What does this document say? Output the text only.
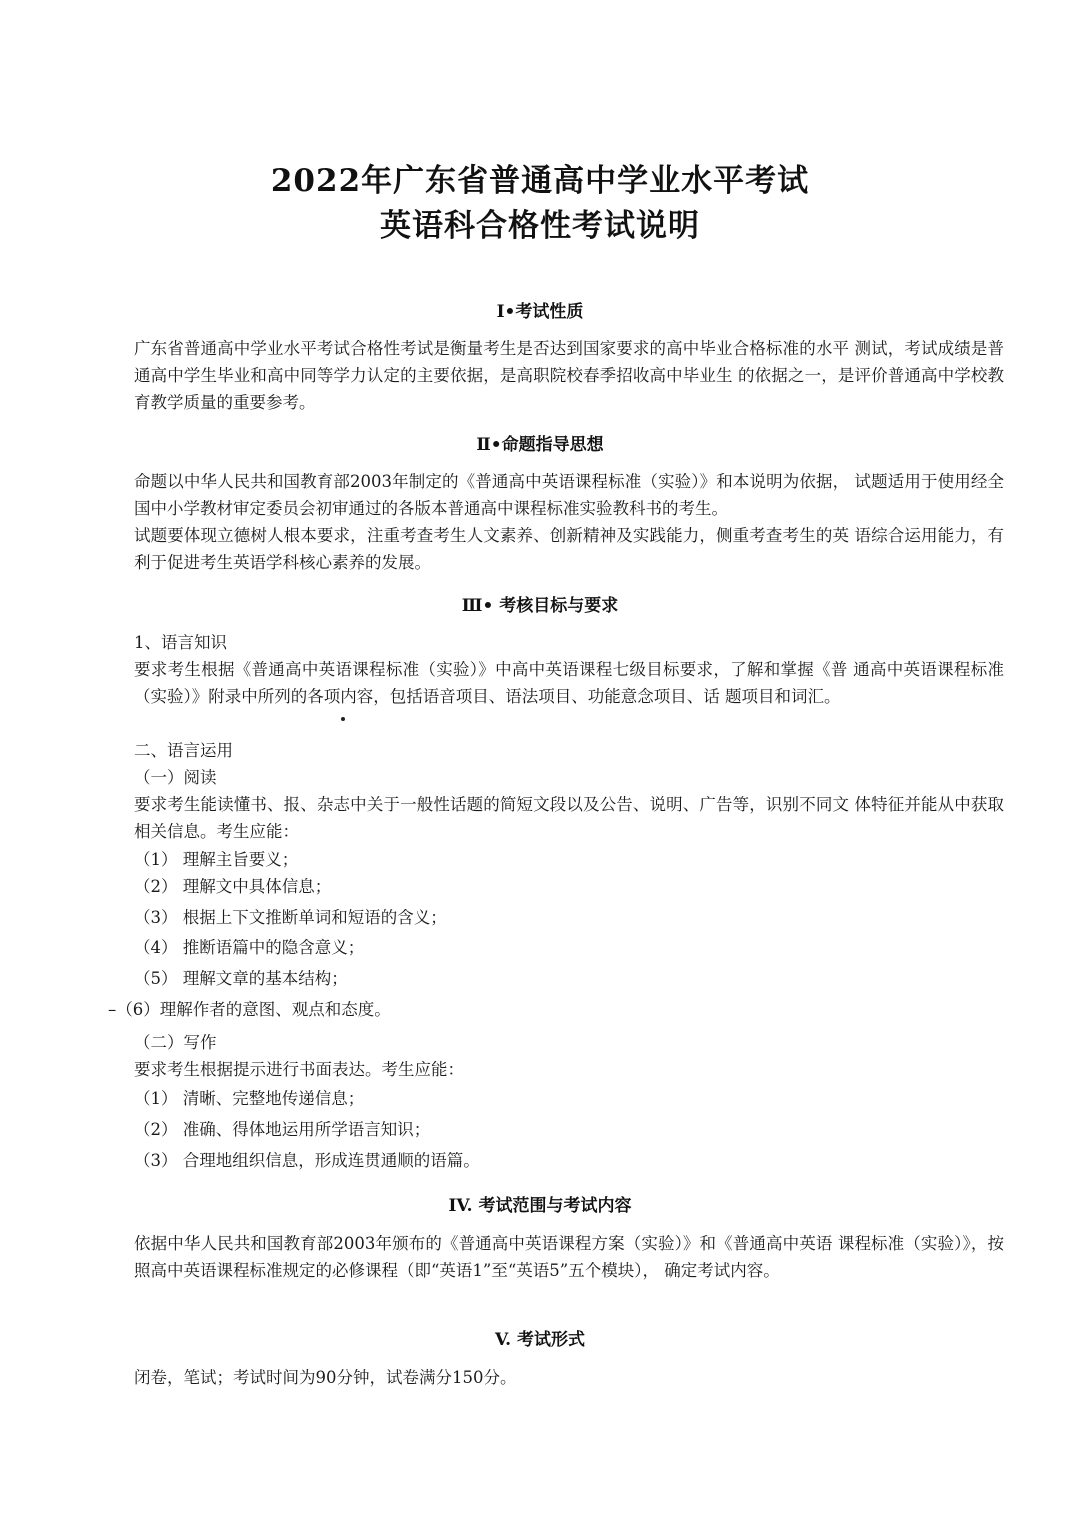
2022年广东省普通高中学业水平考试
英语科合格性考试说明
Ⅰ•考试性质
广东省普通高中学业水平考试合格性考试是衡量考生是否达到国家要求的高中毕业合格标准的水平 测试，考试成绩是普通高中学生毕业和高中同等学力认定的主要依据，是高职院校春季招收高中毕业生 的依据之一，是评价普通高中学校教育教学质量的重要参考。
Ⅱ•命题指导思想
命题以中华人民共和国教育部2003年制定的《普通高中英语课程标准（实验）》和本说明为依据， 试题适用于使用经全国中小学教材审定委员会初审通过的各版本普通高中课程标准实验教科书的考生。
试题要体现立德树人根本要求，注重考查考生人文素养、创新精神及实践能力，侧重考查考生的英 语综合运用能力，有利于促进考生英语学科核心素养的发展。
Ⅲ• 考核目标与要求
1、语言知识
要求考生根据《普通高中英语课程标准（实验）》中高中英语课程七级目标要求，了解和掌握《普 通高中英语课程标准（实验）》附录中所列的各项内容，包括语音项目、语法项目、功能意念项目、话 题项目和词汇。
二、语言运用
（一）阅读
要求考生能读懂书、报、杂志中关于一般性话题的简短文段以及公告、说明、广告等，识别不同文 体特征并能从中获取相关信息。考生应能：
（1） 理解主旨要义；
（2） 理解文中具体信息；
（3） 根据上下文推断单词和短语的含义；
（4） 推断语篇中的隐含意义；
（5） 理解文章的基本结构；
–（6）理解作者的意图、观点和态度。
（二）写作
要求考生根据提示进行书面表达。考生应能：
（1） 清晰、完整地传递信息；
（2） 准确、得体地运用所学语言知识；
（3） 合理地组织信息，形成连贯通顺的语篇。
IV. 考试范围与考试内容
依据中华人民共和国教育部2003年颁布的《普通高中英语课程方案（实验）》和《普通高中英语 课程标准（实验）》，按照高中英语课程标准规定的必修课程（即“英语1”至“英语5”五个模块）， 确定考试内容。
V. 考试形式
闭卷，笔试；考试时间为90分钟，试卷满分150分。
